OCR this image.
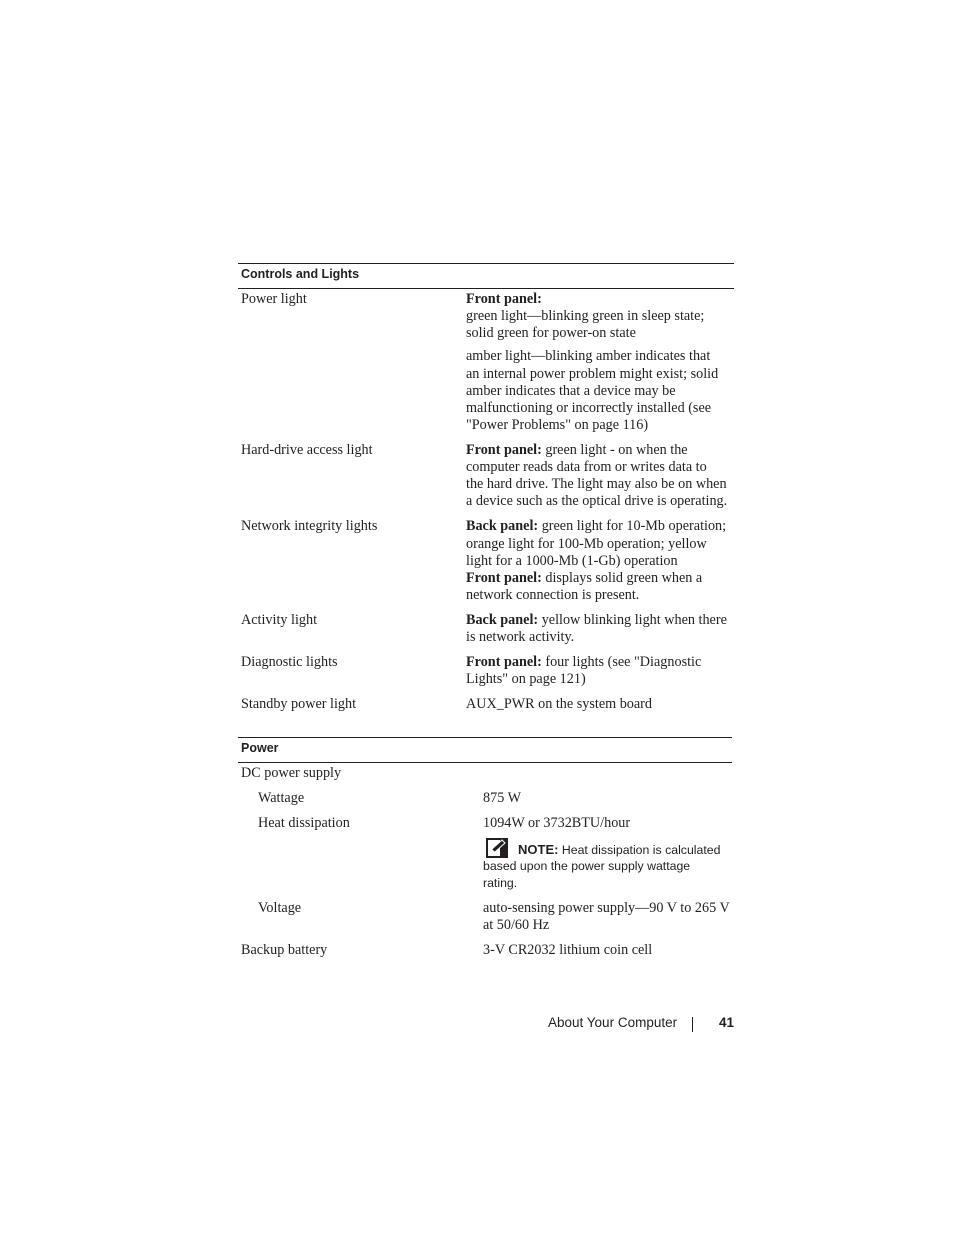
Controls and Lights
Power light	Front panel:
green light—blinking green in sleep state;
solid green for power-on state
amber light—blinking amber indicates that
an internal power problem might exist; solid
amber indicates that a device may be
malfunctioning or incorrectly installed (see
"Power Problems" on page 116)
Hard-drive access light	Front panel: green light - on when the
computer reads data from or writes data to
the hard drive. The light may also be on when
a device such as the optical drive is operating.
Network integrity lights	Back panel: green light for 10-Mb operation;
orange light for 100-Mb operation; yellow
light for a 1000-Mb (1-Gb) operation
Front panel: displays solid green when a
network connection is present.
Activity light	Back panel: yellow blinking light when there
is network activity.
Diagnostic lights	Front panel: four lights (see "Diagnostic
Lights" on page 121)
Standby power light	AUX_PWR on the system board
Power
DC power supply
Wattage	875 W
Heat dissipation	1094W or 3732BTU/hour
NOTE: Heat dissipation is calculated
based upon the power supply wattage
rating.
Voltage	auto-sensing power supply—90 V to 265 V
at 50/60 Hz
Backup battery	3-V CR2032 lithium coin cell
About Your Computer	41
